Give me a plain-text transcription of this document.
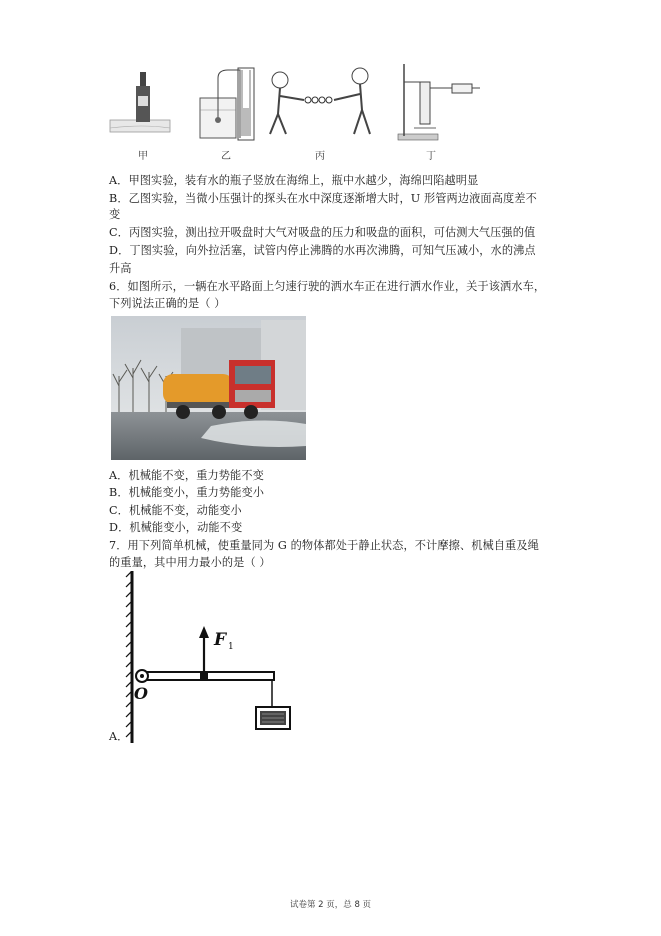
甲	乙	丙	丁
A．甲图实验，装有水的瓶子竖放在海绵上，瓶中水越少，海绵凹陷越明显
B．乙图实验，当微小压强计的探头在水中深度逐渐增大时，U 形管两边液面高度差不
变
C．丙图实验，测出拉开吸盘时大气对吸盘的压力和吸盘的面积，可估测大气压强的值
D．丁图实验，向外拉活塞，试管内停止沸腾的水再次沸腾，可知气压减小，水的沸点
升高
6．如图所示，一辆在水平路面上匀速行驶的洒水车正在进行洒水作业，关于该洒水车，
下列说法正确的是（ ）
A．机械能不变，重力势能不变
B．机械能变小，重力势能变小
C．机械能不变，动能变小
D．机械能变小，动能不变
7．用下列简单机械，使重量同为 G 的物体都处于静止状态，不计摩擦、机械自重及绳
的重量，其中用力最小的是（ ）
F 1
O
A．
试卷第 2 页，总 8 页
